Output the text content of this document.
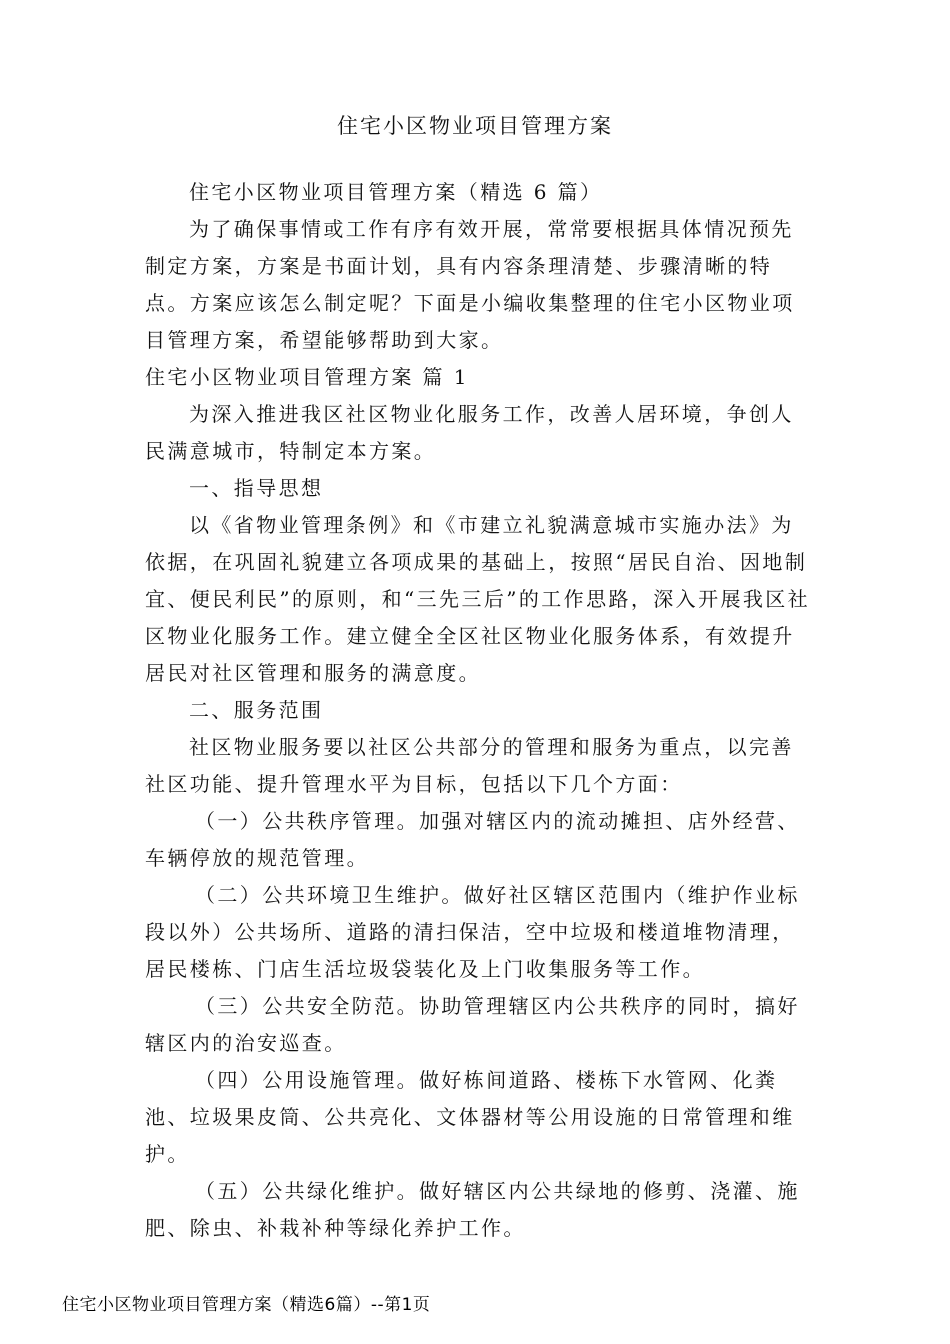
住宅小区物业项目管理方案

住宅小区物业项目管理方案（精选 6 篇）

为了确保事情或工作有序有效开展，常常要根据具体情况预先制定方案，方案是书面计划，具有内容条理清楚、步骤清晰的特点。方案应该怎么制定呢？下面是小编收集整理的住宅小区物业项目管理方案，希望能够帮助到大家。

住宅小区物业项目管理方案 篇 1

为深入推进我区社区物业化服务工作，改善人居环境，争创人民满意城市，特制定本方案。

一、指导思想

以《省物业管理条例》和《市建立礼貌满意城市实施办法》为依据，在巩固礼貌建立各项成果的基础上，按照“居民自治、因地制宜、便民利民”的原则，和“三先三后”的工作思路，深入开展我区社区物业化服务工作。建立健全全区社区物业化服务体系，有效提升居民对社区管理和服务的满意度。

二、服务范围

社区物业服务要以社区公共部分的管理和服务为重点，以完善社区功能、提升管理水平为目标，包括以下几个方面：

（一）公共秩序管理。加强对辖区内的流动摊担、店外经营、车辆停放的规范管理。

（二）公共环境卫生维护。做好社区辖区范围内（维护作业标段以外）公共场所、道路的清扫保洁，空中垃圾和楼道堆物清理，居民楼栋、门店生活垃圾袋装化及上门收集服务等工作。

（三）公共安全防范。协助管理辖区内公共秩序的同时，搞好辖区内的治安巡查。

（四）公用设施管理。做好栋间道路、楼栋下水管网、化粪池、垃圾果皮筒、公共亮化、文体器材等公用设施的日常管理和维护。

（五）公共绿化维护。做好辖区内公共绿地的修剪、浇灌、施肥、除虫、补栽补种等绿化养护工作。

住宅小区物业项目管理方案（精选6篇）--第1页
